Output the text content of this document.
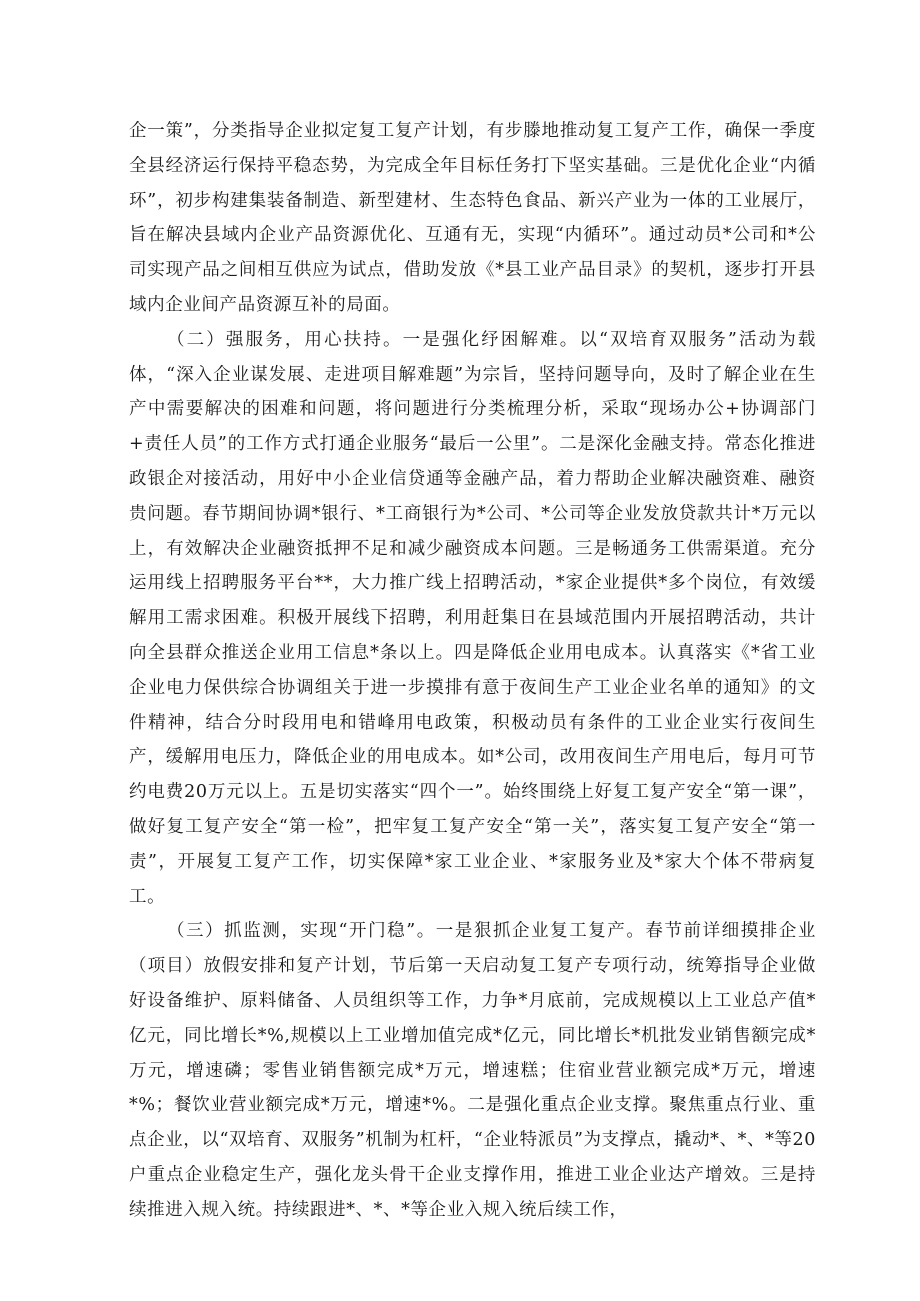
企一策”，分类指导企业拟定复工复产计划，有步滕地推动复工复产工作，确保一季度全县经济运行保持平稳态势，为完成全年目标任务打下坚实基础。三是优化企业“内循环”，初步构建集装备制造、新型建材、生态特色食品、新兴产业为一体的工业展厅，旨在解决县域内企业产品资源优化、互通有无，实现“内循环”。通过动员*公司和*公司实现产品之间相互供应为试点，借助发放《*县工业产品目录》的契机，逐步打开县域内企业间产品资源互补的局面。

（二）强服务，用心扶持。一是强化纾困解难。以“双培育双服务”活动为载体，“深入企业谋发展、走进项目解难题”为宗旨，坚持问题导向，及时了解企业在生产中需要解决的困难和问题，将问题进行分类梳理分析，采取“现场办公+协调部门+责任人员”的工作方式打通企业服务“最后一公里”。二是深化金融支持。常态化推进政银企对接活动，用好中小企业信贷通等金融产品，着力帮助企业解决融资难、融资贵问题。春节期间协调*银行、*工商银行为*公司、*公司等企业发放贷款共计*万元以上，有效解决企业融资抵押不足和减少融资成本问题。三是畅通务工供需渠道。充分运用线上招聘服务平台**，大力推广线上招聘活动，*家企业提供*多个岗位，有效缓解用工需求困难。积极开展线下招聘，利用赶集日在县域范围内开展招聘活动，共计向全县群众推送企业用工信息*条以上。四是降低企业用电成本。认真落实《*省工业企业电力保供综合协调组关于进一步摸排有意于夜间生产工业企业名单的通知》的文件精神，结合分时段用电和错峰用电政策，积极动员有条件的工业企业实行夜间生产，缓解用电压力，降低企业的用电成本。如*公司，改用夜间生产用电后，每月可节约电费20万元以上。五是切实落实“四个一”。始终围绕上好复工复产安全“第一课”，做好复工复产安全“第一检”，把牢复工复产安全“第一关”，落实复工复产安全“第一责”，开展复工复产工作，切实保障*家工业企业、*家服务业及*家大个体不带病复工。

（三）抓监测，实现“开门稳”。一是狠抓企业复工复产。春节前详细摸排企业（项目）放假安排和复产计划，节后第一天启动复工复产专项行动，统筹指导企业做好设备维护、原料储备、人员组织等工作，力争*月底前，完成规模以上工业总产值*亿元，同比增长*%,规模以上工业增加值完成*亿元，同比增长*机批发业销售额完成*万元，增速磷；零售业销售额完成*万元，增速糕；住宿业营业额完成*万元，增速*%；餐饮业营业额完成*万元，增速*%。二是强化重点企业支撑。聚焦重点行业、重点企业，以“双培育、双服务”机制为杠杆，“企业特派员”为支撑点，撬动*、*、*等20户重点企业稳定生产，强化龙头骨干企业支撑作用，推进工业企业达产增效。三是持续推进入规入统。持续跟进*、*、*等企业入规入统后续工作，
